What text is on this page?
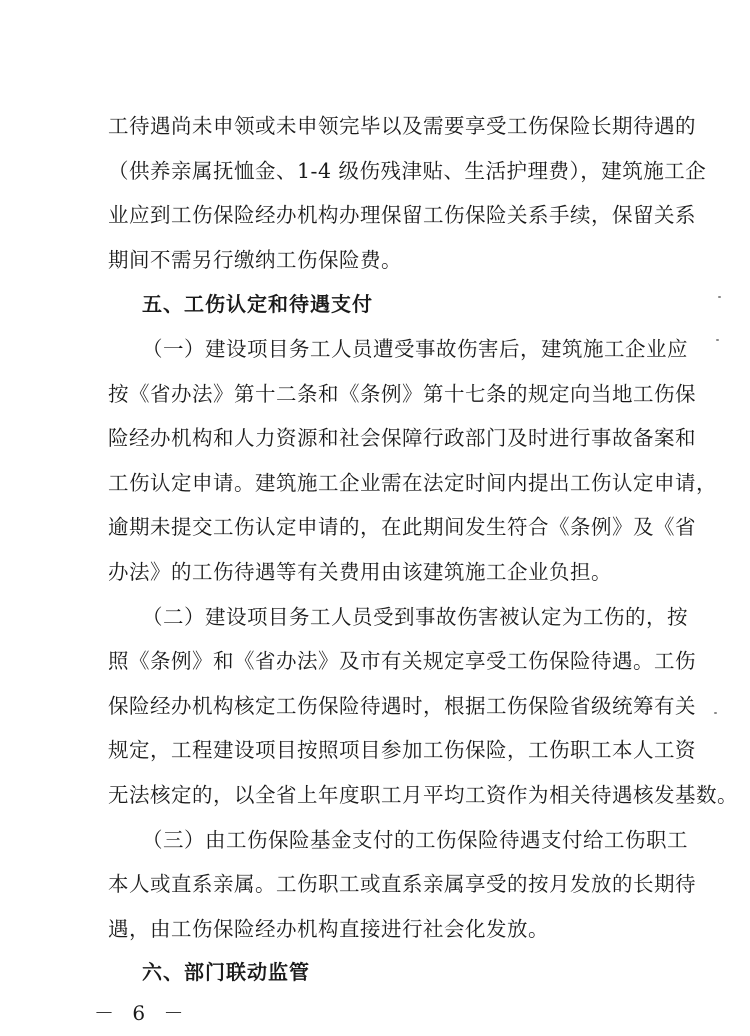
工待遇尚未申领或未申领完毕以及需要享受工伤保险长期待遇的
（供养亲属抚恤金、1-4 级伤残津贴、生活护理费），建筑施工企
业应到工伤保险经办机构办理保留工伤保险关系手续，保留关系
期间不需另行缴纳工伤保险费。
五、工伤认定和待遇支付
（一）建设项目务工人员遭受事故伤害后，建筑施工企业应
按《省办法》第十二条和《条例》第十七条的规定向当地工伤保
险经办机构和人力资源和社会保障行政部门及时进行事故备案和
工伤认定申请。建筑施工企业需在法定时间内提出工伤认定申请，
逾期未提交工伤认定申请的，在此期间发生符合《条例》及《省
办法》的工伤待遇等有关费用由该建筑施工企业负担。
（二）建设项目务工人员受到事故伤害被认定为工伤的，按
照《条例》和《省办法》及市有关规定享受工伤保险待遇。工伤
保险经办机构核定工伤保险待遇时，根据工伤保险省级统筹有关
规定，工程建设项目按照项目参加工伤保险，工伤职工本人工资
无法核定的，以全省上年度职工月平均工资作为相关待遇核发基数。
（三）由工伤保险基金支付的工伤保险待遇支付给工伤职工
本人或直系亲属。工伤职工或直系亲属享受的按月发放的长期待
遇，由工伤保险经办机构直接进行社会化发放。
六、部门联动监管
－ 6 －
